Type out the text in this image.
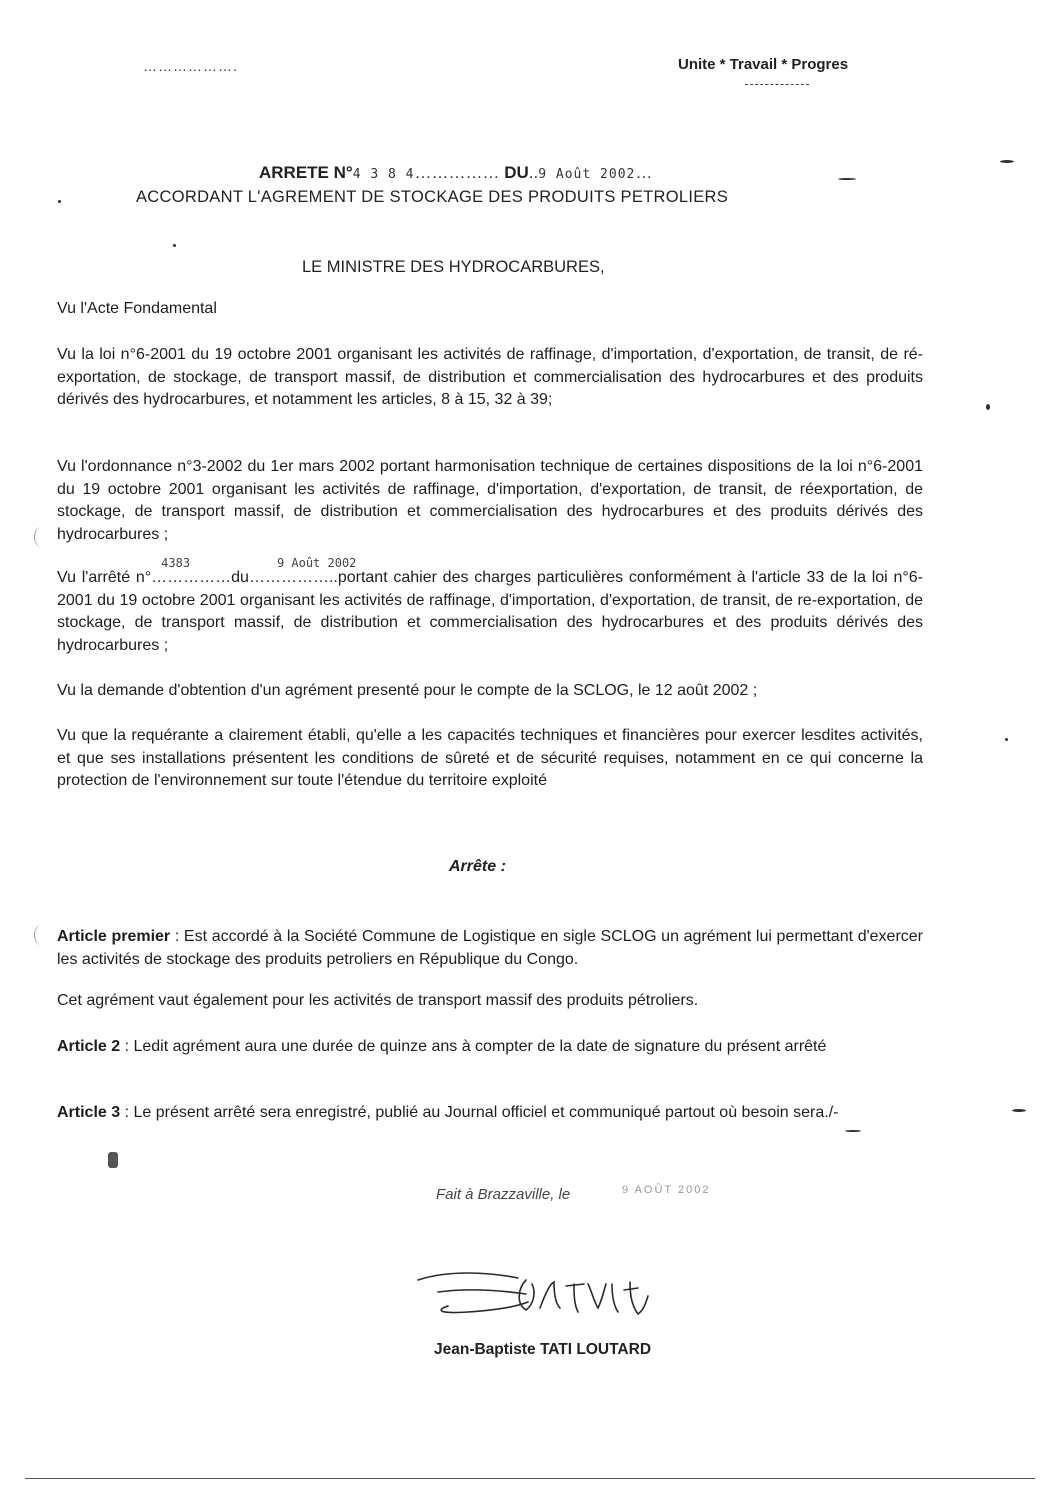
……………….	Unite * Travail * Progres
ARRETE N°4 3 8 4…………… DU..9 Août 2002…
ACCORDANT L'AGREMENT DE STOCKAGE DES PRODUITS PETROLIERS
LE MINISTRE DES HYDROCARBURES,
Vu l'Acte Fondamental
Vu la loi n°6-2001 du 19 octobre 2001 organisant les activités de raffinage, d'importation, d'exportation, de transit, de ré-exportation, de stockage, de transport massif, de distribution et commercialisation des hydrocarbures et des produits dérivés des hydrocarbures, et notamment les articles, 8 à 15, 32 à 39;
Vu l'ordonnance n°3-2002 du 1er mars 2002 portant harmonisation technique de certaines dispositions de la loi n°6-2001 du 19 octobre 2001 organisant les activités de raffinage, d'importation, d'exportation, de transit, de réexportation, de stockage, de transport massif, de distribution et commercialisation des hydrocarbures et des produits dérivés des hydrocarbures ;
Vu l'arrêté n°
4383
……………du
9 Août 2002
……………..portant cahier des charges particulières conformément à l'article 33 de la loi n°6-2001 du 19 octobre 2001 organisant les activités de raffinage, d'importation, d'exportation, de transit, de re-exportation, de stockage, de transport massif, de distribution et commercialisation des hydrocarbures et des produits dérivés des hydrocarbures ;
Vu la demande d'obtention d'un agrément presenté pour le compte de la SCLOG, le 12 août 2002 ;
Vu que la requérante a clairement établi, qu'elle a les capacités techniques et financières pour exercer lesdites activités, et que ses installations présentent les conditions de sûreté et de sécurité requises, notamment en ce qui concerne la protection de l'environnement sur toute l'étendue du territoire exploité
Arrête :
Article premier : Est accordé à la Société Commune de Logistique en sigle SCLOG un agrément lui permettant d'exercer les activités de stockage des produits petroliers en République du Congo.
Cet agrément vaut également pour les activités de transport massif des produits pétroliers.
Article 2 : Ledit agrément aura une durée de quinze ans à compter de la date de signature du présent arrêté
Article 3 : Le présent arrêté sera enregistré, publié au Journal officiel et communiqué partout où besoin sera./-
Fait à Brazzaville, le	9 AOÛT 2002
Jean-Baptiste TATI LOUTARD
